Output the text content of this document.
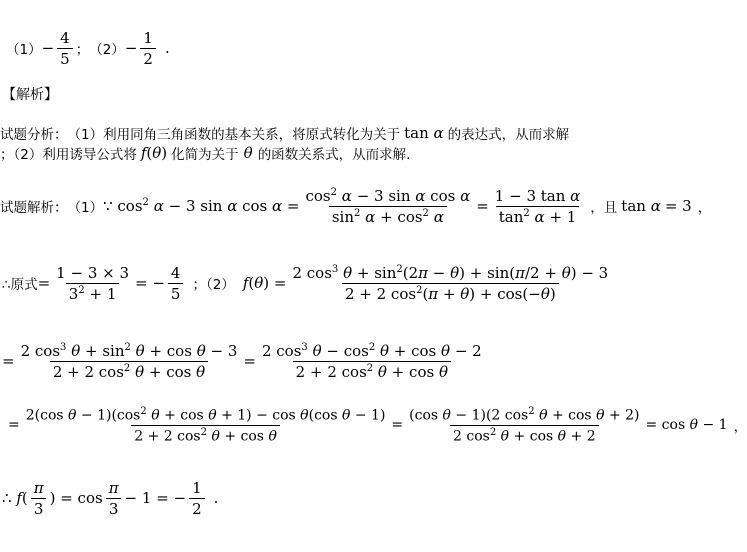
$(1) - \frac{4}{5}$ ； $(2) - \frac{1}{2}$ .
【解析】
试题分析： （1）利用同角三角函数的基本关系，将原式转化为关于 tan α 的表达式，从而求解
；（2）利用诱导公式将 f(θ) 化简为关于 θ 的函数关系式，从而求解.
试题解析： （1） ∵ $\cos^2 \alpha - 3$ sin α $\cos \alpha = \frac{\cos^2 \alpha - 3 \sin \alpha \cos \alpha}{\sin^2 \alpha + \cos^2 \alpha} = \frac{\text{1 − 3 tan α}}{\tan^2 \alpha + 1}$ ，且 tan α = 3 ，
∴原式 = $\frac{1 - 3 \times 3}{3^2 + 1}$ = − $\frac{4}{5}$ ；（2） $f(\theta) = \frac{2 \cos^3 \theta + \sin^2(2\pi - \theta) + \sin(\pi/2 + \theta) - 3}{2 + 2 \cos^2(\pi + \theta) + \cos(-\theta)}$
= $\frac{2 \cos^3 \theta + \sin^2 \theta + \cos \theta - 3}{2 + 2 \cos^2 \theta + \cos \theta} = \frac{2 \cos^3 \theta - \cos^2 \theta + \cos \theta - 2}{2 + 2 \cos^2 \theta + \cos \theta}$
= $\frac{2(\cos \theta - 1)(\cos^2 \theta + \cos \theta + 1) - \cos \theta(\cos \theta - 1)}{2 + 2 \cos^2 \theta + \cos \theta} = \frac{(\cos \theta - 1)(2 \cos^2 \theta + \cos \theta + 2)}{2 \cos^2 \theta + \cos \theta + 2} = \cos \theta - 1$ ，
∴ $f( \frac{\pi}{3}$ ) = $\cos \frac{\pi}{3} - 1$ = − $\frac{1}{2}$ .
